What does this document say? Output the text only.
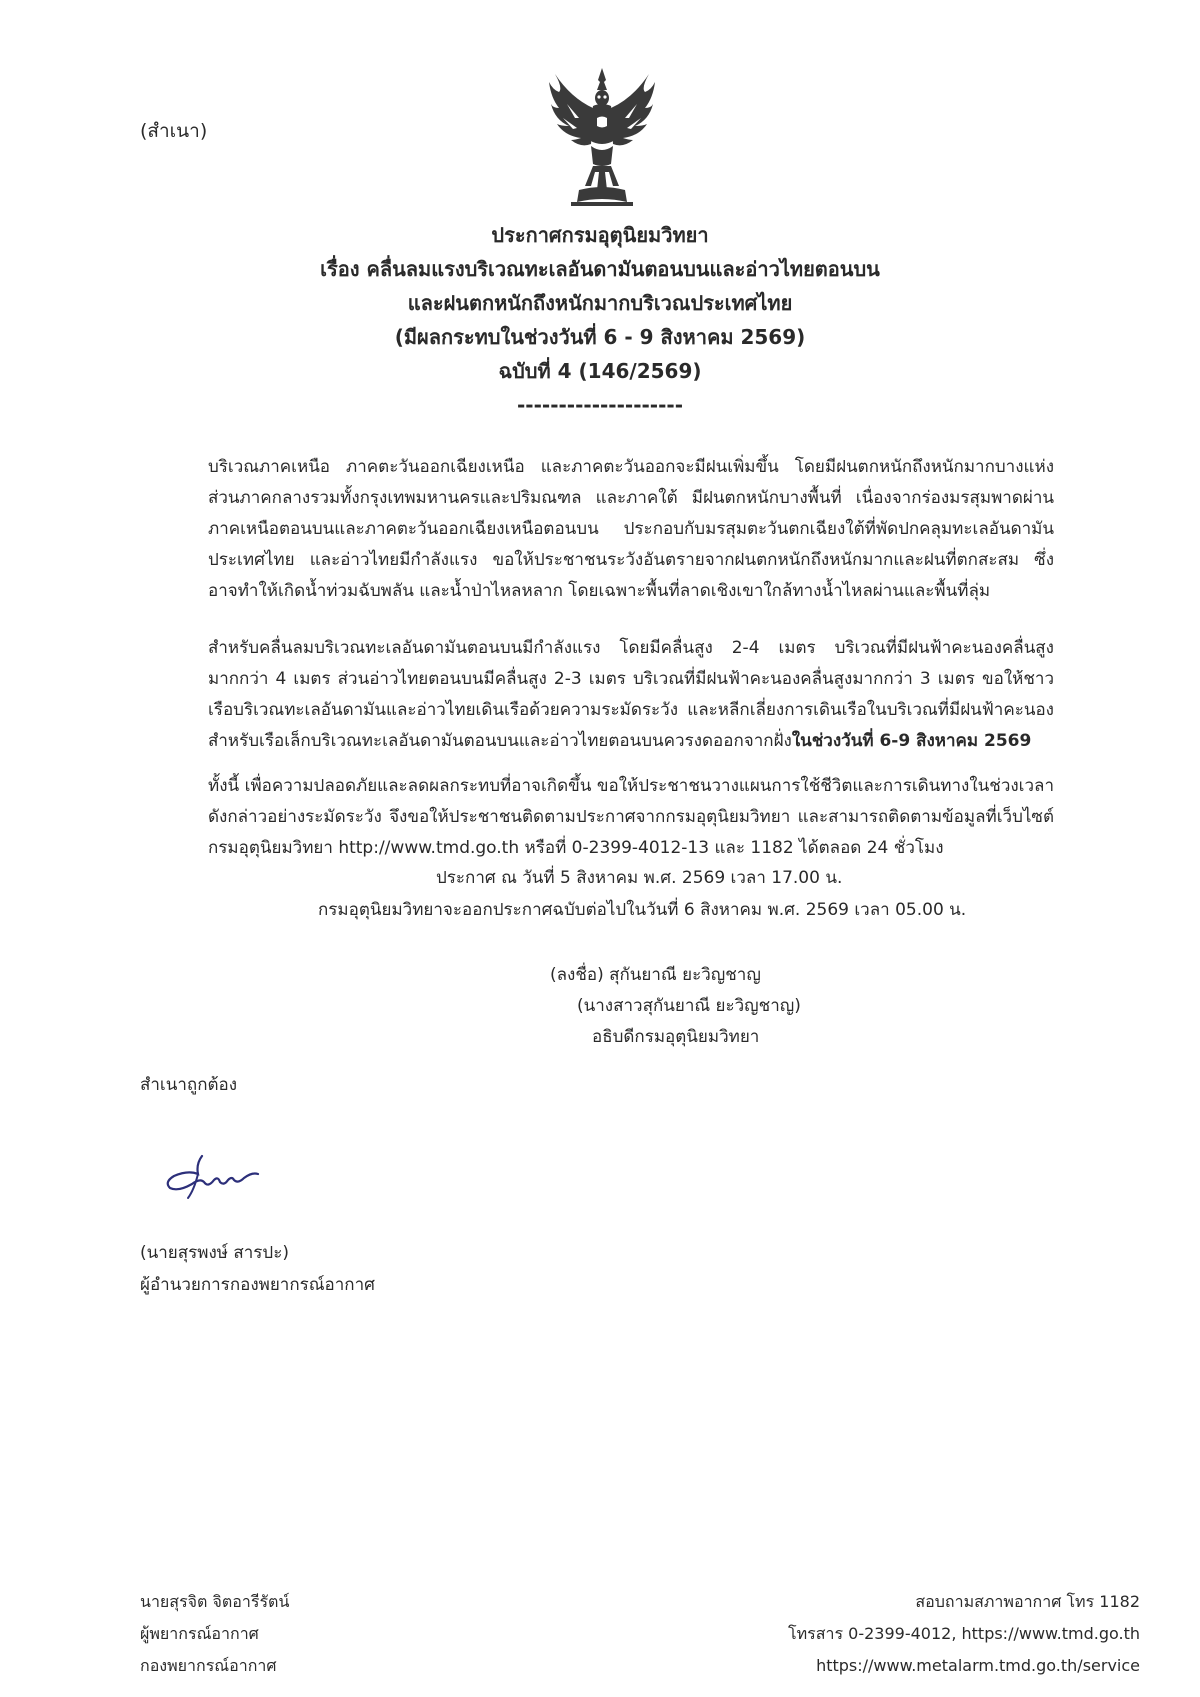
(สำเนา)
ประกาศกรมอุตุนิยมวิทยา
เรื่อง คลื่นลมแรงบริเวณทะเลอันดามันตอนบนและอ่าวไทยตอนบน
และฝนตกหนักถึงหนักมากบริเวณประเทศไทย
(มีผลกระทบในช่วงวันที่ 6 - 9 สิงหาคม 2569)
ฉบับที่ 4 (146/2569)
--------------------

บริเวณภาคเหนือ ภาคตะวันออกเฉียงเหนือ และภาคตะวันออกจะมีฝนเพิ่มขึ้น โดยมีฝนตกหนักถึงหนักมากบางแห่ง ส่วนภาคกลางรวมทั้งกรุงเทพมหานครและปริมณฑล และภาคใต้ มีฝนตกหนักบางพื้นที่ เนื่องจากร่องมรสุมพาดผ่านภาคเหนือตอนบนและภาคตะวันออกเฉียงเหนือตอนบน ประกอบกับมรสุมตะวันตกเฉียงใต้ที่พัดปกคลุมทะเลอันดามัน ประเทศไทย และอ่าวไทยมีกำลังแรง ขอให้ประชาชนระวังอันตรายจากฝนตกหนักถึงหนักมากและฝนที่ตกสะสม ซึ่งอาจทำให้เกิดน้ำท่วมฉับพลัน และน้ำป่าไหลหลาก โดยเฉพาะพื้นที่ลาดเชิงเขาใกล้ทางน้ำไหลผ่านและพื้นที่ลุ่ม

สำหรับคลื่นลมบริเวณทะเลอันดามันตอนบนมีกำลังแรง โดยมีคลื่นสูง 2-4 เมตร บริเวณที่มีฝนฟ้าคะนองคลื่นสูงมากกว่า 4 เมตร ส่วนอ่าวไทยตอนบนมีคลื่นสูง 2-3 เมตร บริเวณที่มีฝนฟ้าคะนองคลื่นสูงมากกว่า 3 เมตร ขอให้ชาวเรือบริเวณทะเลอันดามันและอ่าวไทยเดินเรือด้วยความระมัดระวัง และหลีกเลี่ยงการเดินเรือในบริเวณที่มีฝนฟ้าคะนอง สำหรับเรือเล็กบริเวณทะเลอันดามันตอนบนและอ่าวไทยตอนบนควรงดออกจากฝั่งในช่วงวันที่ 6-9 สิงหาคม 2569

ทั้งนี้ เพื่อความปลอดภัยและลดผลกระทบที่อาจเกิดขึ้น ขอให้ประชาชนวางแผนการใช้ชีวิตและการเดินทางในช่วงเวลาดังกล่าวอย่างระมัดระวัง จึงขอให้ประชาชนติดตามประกาศจากกรมอุตุนิยมวิทยา และสามารถติดตามข้อมูลที่เว็บไซต์กรมอุตุนิยมวิทยา http://www.tmd.go.th หรือที่ 0-2399-4012-13 และ 1182 ได้ตลอด 24 ชั่วโมง

ประกาศ ณ วันที่ 5 สิงหาคม พ.ศ. 2569 เวลา 17.00 น.
กรมอุตุนิยมวิทยาจะออกประกาศฉบับต่อไปในวันที่ 6 สิงหาคม พ.ศ. 2569 เวลา 05.00 น.
(ลงชื่อ) สุกันยาณี ยะวิญชาญ
(นางสาวสุกันยาณี ยะวิญชาญ)
อธิบดีกรมอุตุนิยมวิทยา
สำเนาถูกต้อง
(นายสุรพงษ์ สารปะ)
ผู้อำนวยการกองพยากรณ์อากาศ
นายสุรจิต จิตอารีรัตน์
ผู้พยากรณ์อากาศ
กองพยากรณ์อากาศ
สอบถามสภาพอากาศ โทร 1182
โทรสาร 0-2399-4012, https://www.tmd.go.th
https://www.metalarm.tmd.go.th/service
